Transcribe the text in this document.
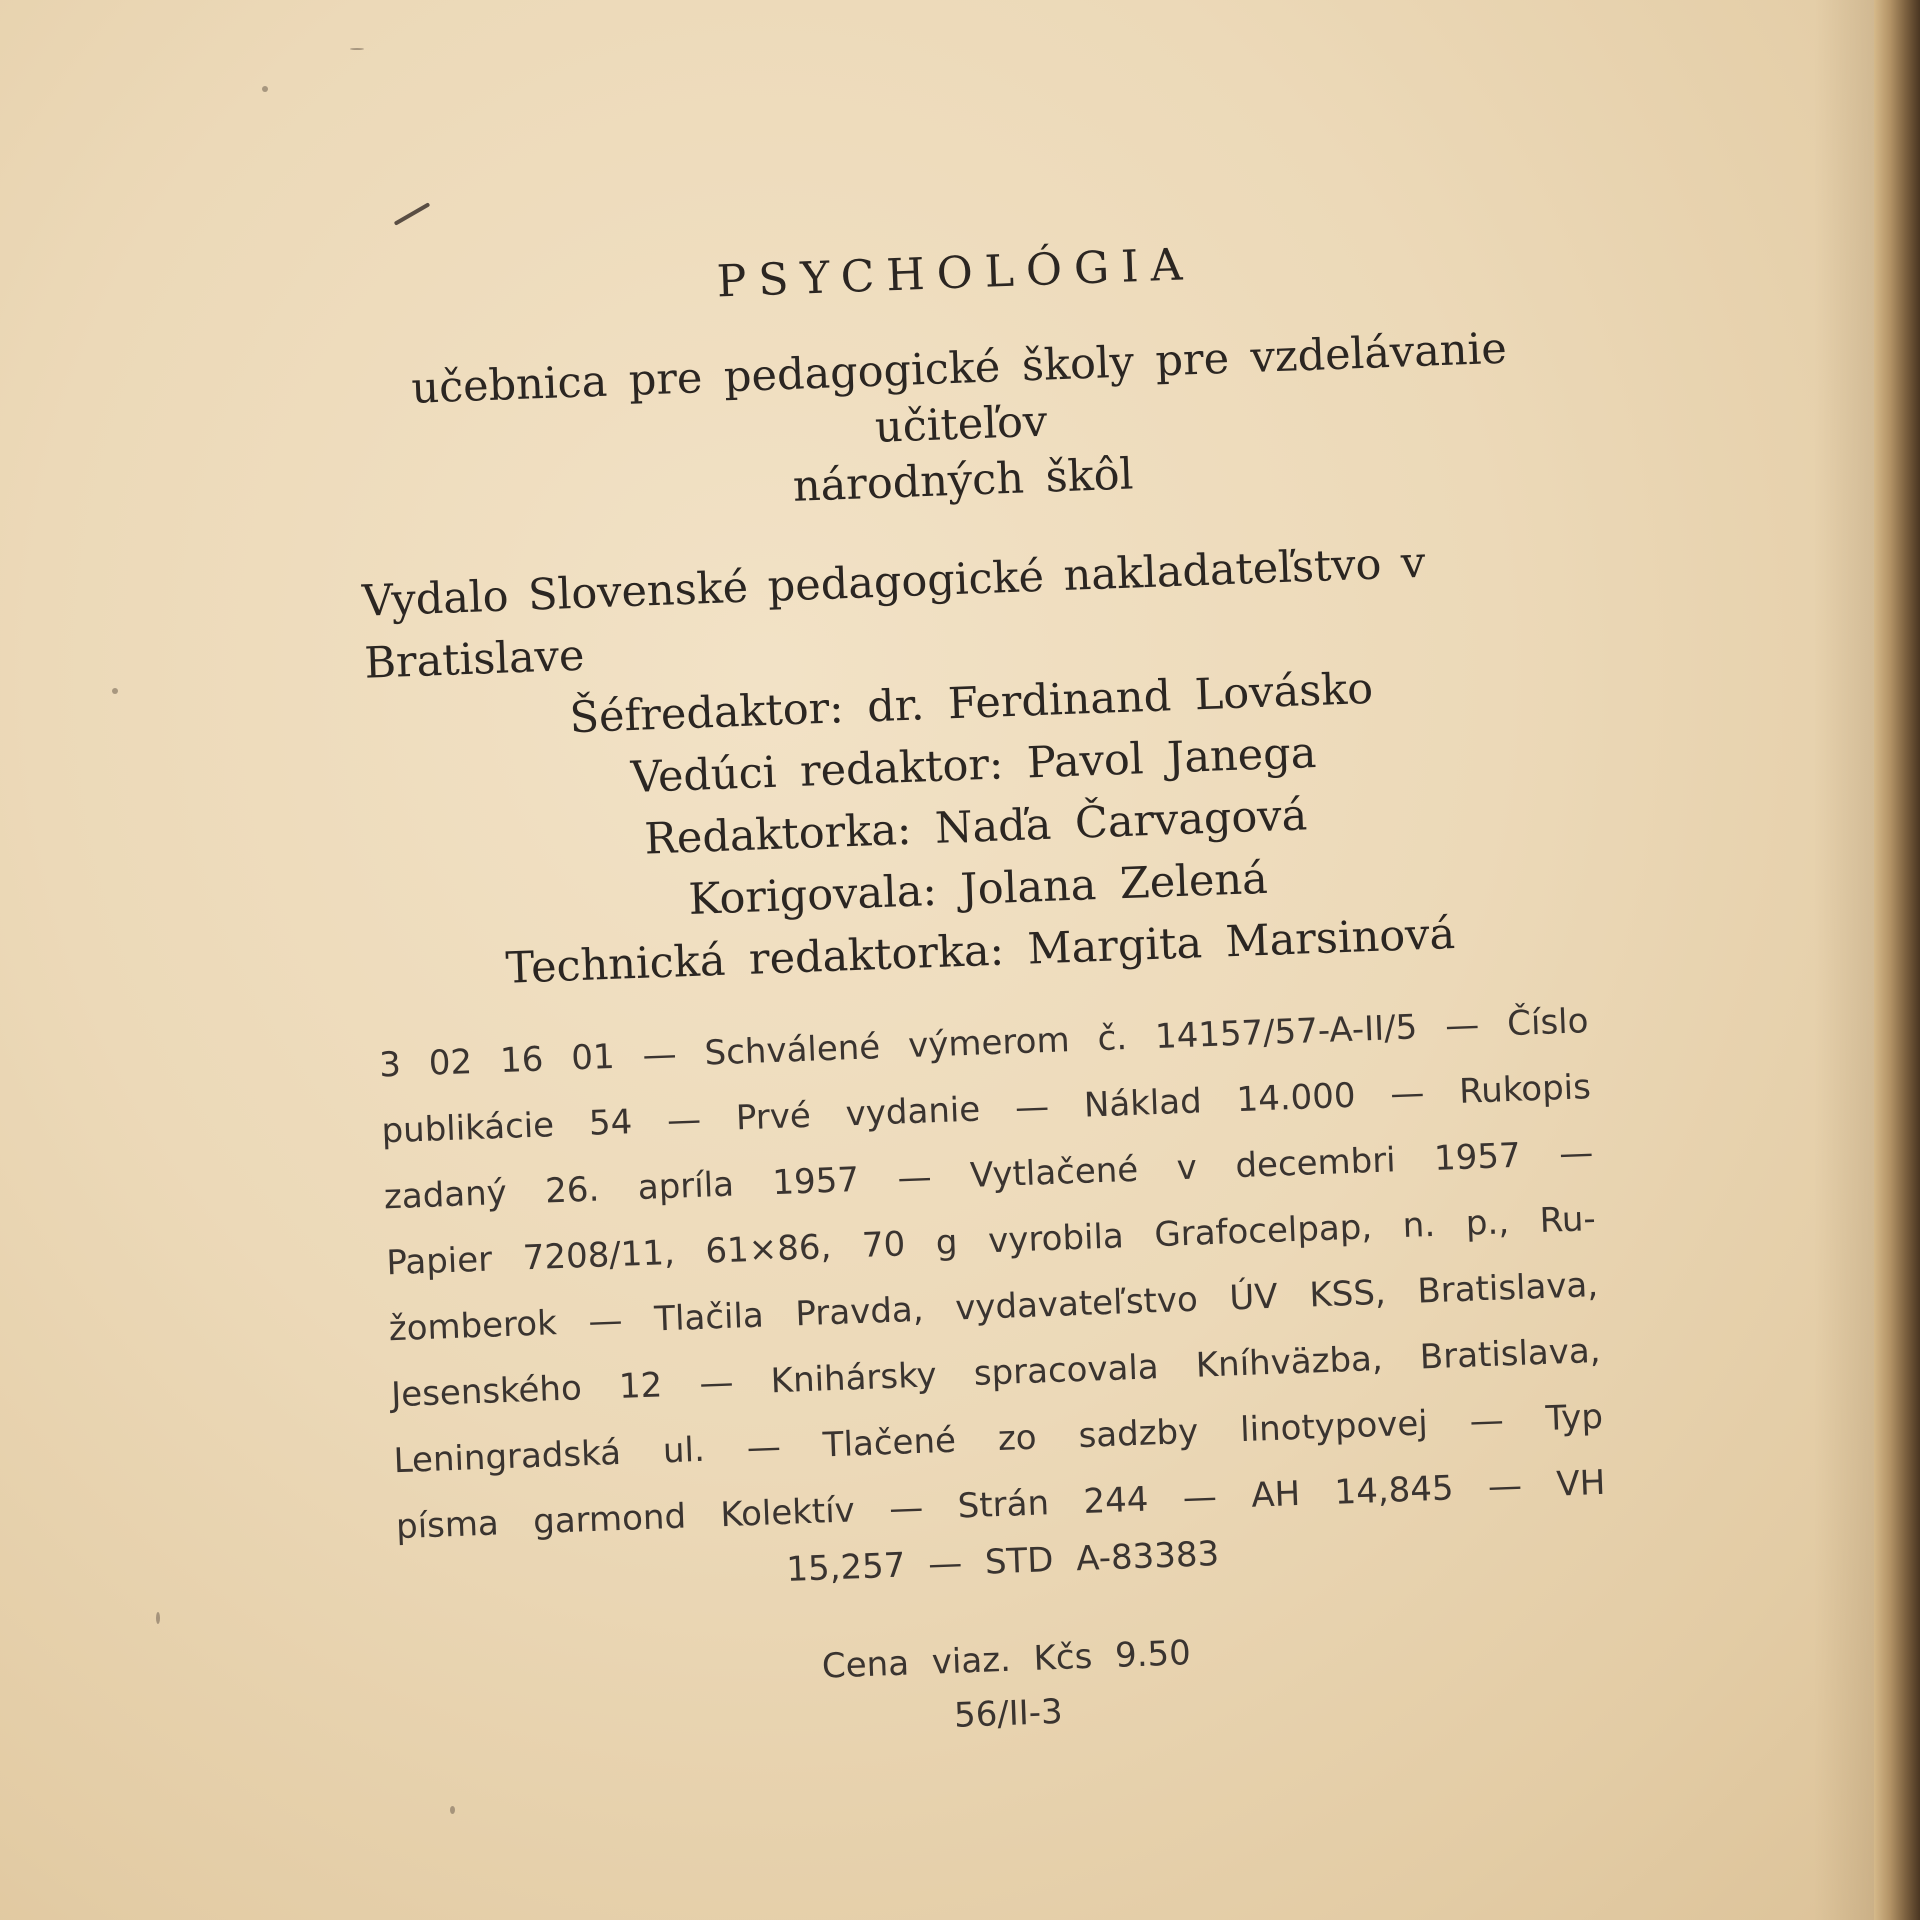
PSYCHOLÓGIA
učebnica pre pedagogické školy pre vzdelávanie učiteľov
národných škôl
Vydalo Slovenské pedagogické nakladateľstvo v Bratislave
Šéfredaktor: dr. Ferdinand Lovásko
Vedúci redaktor: Pavol Janega
Redaktorka: Naďa Čarvagová
Korigovala: Jolana Zelená
Technická redaktorka: Margita Marsinová
3 02 16 01 — Schválené výmerom č. 14157/57-A-II/5 — Číslo
publikácie 54 — Prvé vydanie — Náklad 14.000 — Rukopis
zadaný 26. apríla 1957 — Vytlačené v decembri 1957 —
Papier 7208/11, 61×86, 70 g vyrobila Grafocelpap, n. p., Ru-
žomberok — Tlačila Pravda, vydavateľstvo ÚV KSS, Bratislava,
Jesenského 12 — Knihársky spracovala Kníhväzba, Bratislava,
Leningradská ul. — Tlačené zo sadzby linotypovej — Typ
písma garmond Kolektív — Strán 244 — AH 14,845 — VH
15,257 — STD A-83383
Cena viaz. Kčs 9.50
56/II-3
